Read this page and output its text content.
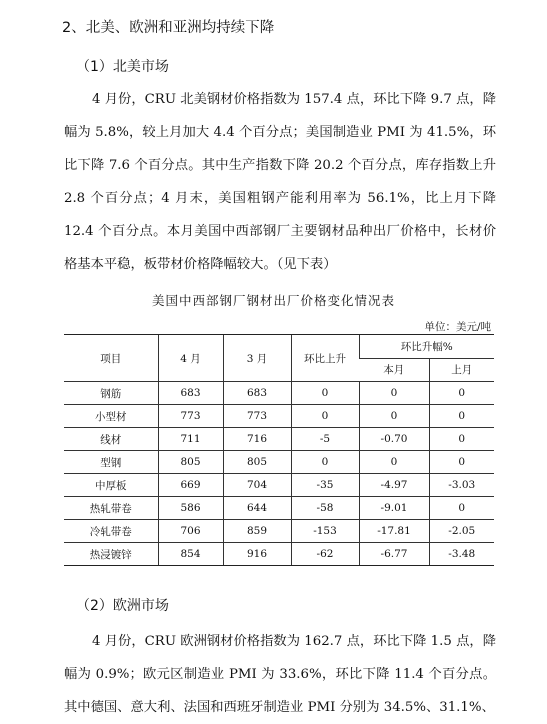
2、北美、欧洲和亚洲均持续下降
（1）北美市场

4 月份，CRU 北美钢材价格指数为 157.4 点，环比下降 9.7 点，降幅为 5.8%，较上月加大 4.4 个百分点；美国制造业 PMI 为 41.5%，环比下降 7.6 个百分点。其中生产指数下降 20.2 个百分点，库存指数上升 2.8 个百分点；4 月末，美国粗钢产能利用率为 56.1%，比上月下降 12.4 个百分点。本月美国中西部钢厂主要钢材品种出厂价格中，长材价格基本平稳，板带材价格降幅较大。（见下表）

美国中西部钢厂钢材出厂价格变化情况表
单位：美元/吨
项目	4 月	3 月	环比上升	环比升幅%	
				本月	上月
钢筋	683	683	0	0	0
小型材	773	773	0	0	0
线材	711	716	-5	-0.70	0
型钢	805	805	0	0	0
中厚板	669	704	-35	-4.97	-3.03
热轧带卷	586	644	-58	-9.01	0
冷轧带卷	706	859	-153	-17.81	-2.05
热浸镀锌	854	916	-62	-6.77	-3.48
（2）欧洲市场

4 月份，CRU 欧洲钢材价格指数为 162.7 点，环比下降 1.5 点，降幅为 0.9%；欧元区制造业 PMI 为 33.6%，环比下降 11.4 个百分点。其中德国、意大利、法国和西班牙制造业 PMI 分别为 34.5%、31.1%、
